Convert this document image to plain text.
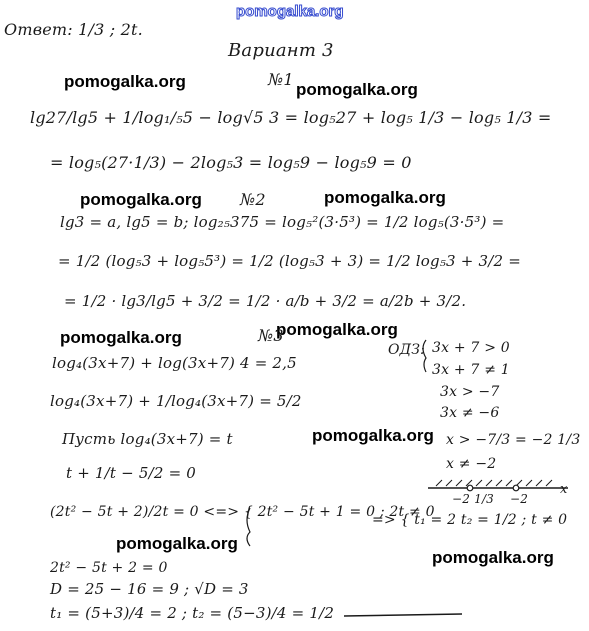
pomogalka.org
Ответ: 1/3 ; 2t.
Вариант 3
pomogalka.org	pomogalka.org
№1
lg27/lg5 + 1/log₁/₅5 − log√5 3 = log₅27 + log₅ 1/3 − log₅ 1/3 =
= log₅(27·1/3) − 2log₅3 = log₅9 − log₅9 = 0
pomogalka.org	pomogalka.org
№2
lg3 = a, lg5 = b; log₂₅375 = log₅²(3·5³) = 1/2 log₅(3·5³) =
= 1/2 (log₅3 + log₅5³) = 1/2 (log₅3 + 3) = 1/2 log₅3 + 3/2 =
= 1/2 · lg3/lg5 + 3/2 = 1/2 · a/b + 3/2 = a/2b + 3/2.
pomogalka.org	pomogalka.org
№3
log₄(3x+7) + log(3x+7) 4 = 2,5
log₄(3x+7) + 1/log₄(3x+7) = 5/2
ОДЗ: 3x + 7 > 0
3x + 7 ≠ 1
3x > −7
3x ≠ −6
pomogalka.org
Пусть log₄(3x+7) = t	x > −7/3 = −2 1/3
x ≠ −2
t + 1/t − 5/2 = 0
−2 1/3 −2
x
(2t² − 5t + 2)/2t = 0 <=> { 2t² − 5t + 1 = 0 ; 2t ≠ 0
=> { t₁ = 2 t₂ = 1/2 ; t ≠ 0
pomogalka.org
pomogalka.org
2t² − 5t + 2 = 0
D = 25 − 16 = 9 ; √D = 3
t₁ = (5+3)/4 = 2 ; t₂ = (5−3)/4 = 1/2
